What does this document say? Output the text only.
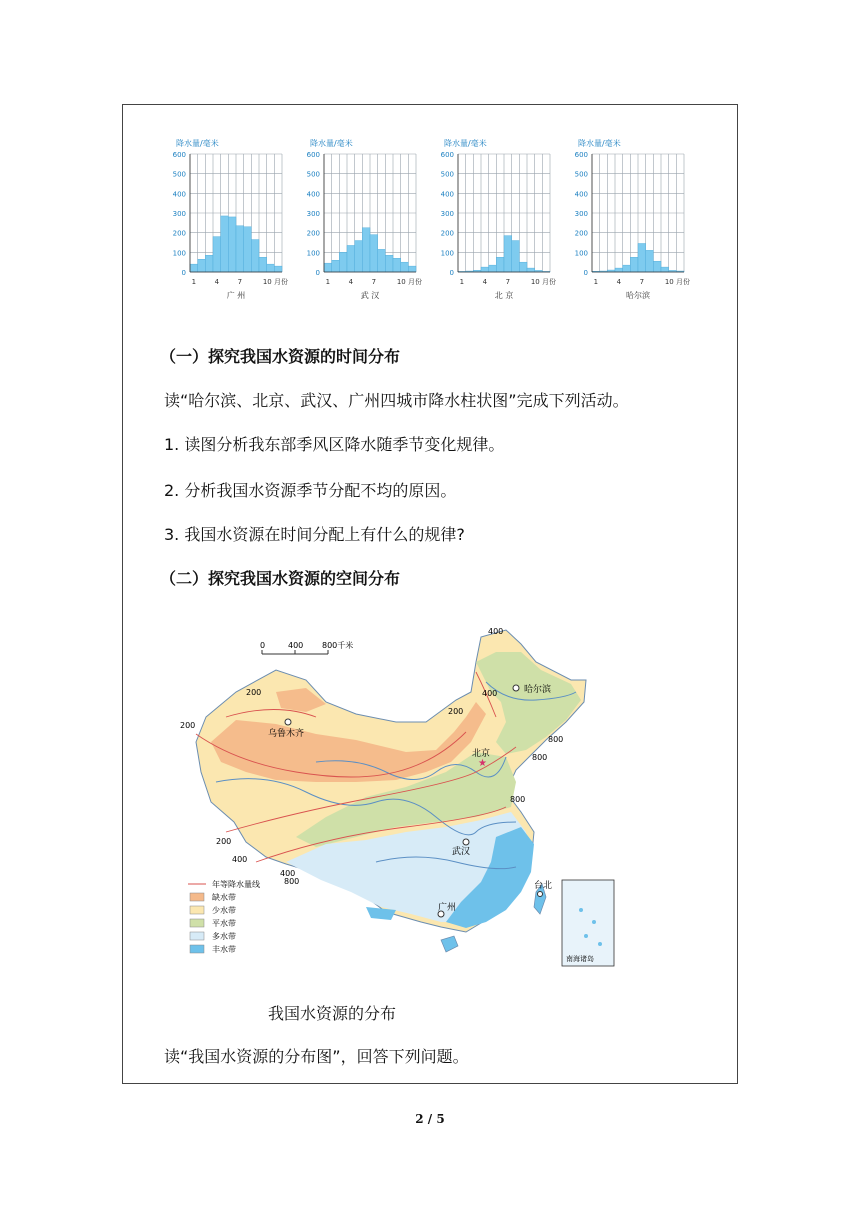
降水量/毫米
600
500
400
300
200
100
0
1	4	7	10 月份
广 州
降水量/毫米
600
500
400
300
200
100
0
1	4	7	10 月份
武 汉
降水量/毫米
600
500
400
300
200
100
0
1	4	7	10 月份
北 京
降水量/毫米
600
500
400
300
200
100
0
1	4	7	10 月份
哈尔滨
（一）探究我国水资源的时间分布
读“哈尔滨、北京、武汉、广州四城市降水柱状图”完成下列活动。
1. 读图分析我东部季风区降水随季节变化规律。
2. 分析我国水资源季节分配不均的原因。
3. 我国水资源在时间分配上有什么的规律?
（二）探究我国水资源的空间分布
0	400 800千米
400
200
200
400
200
800
800
200
400
400
800
800
乌鲁木齐
北京
★
哈尔滨
武汉
广州
台北
南海诸岛
年等降水量线
缺水带
少水带
平水带
多水带
丰水带
我国水资源的分布
读“我国水资源的分布图”，回答下列问题。
2 / 5
